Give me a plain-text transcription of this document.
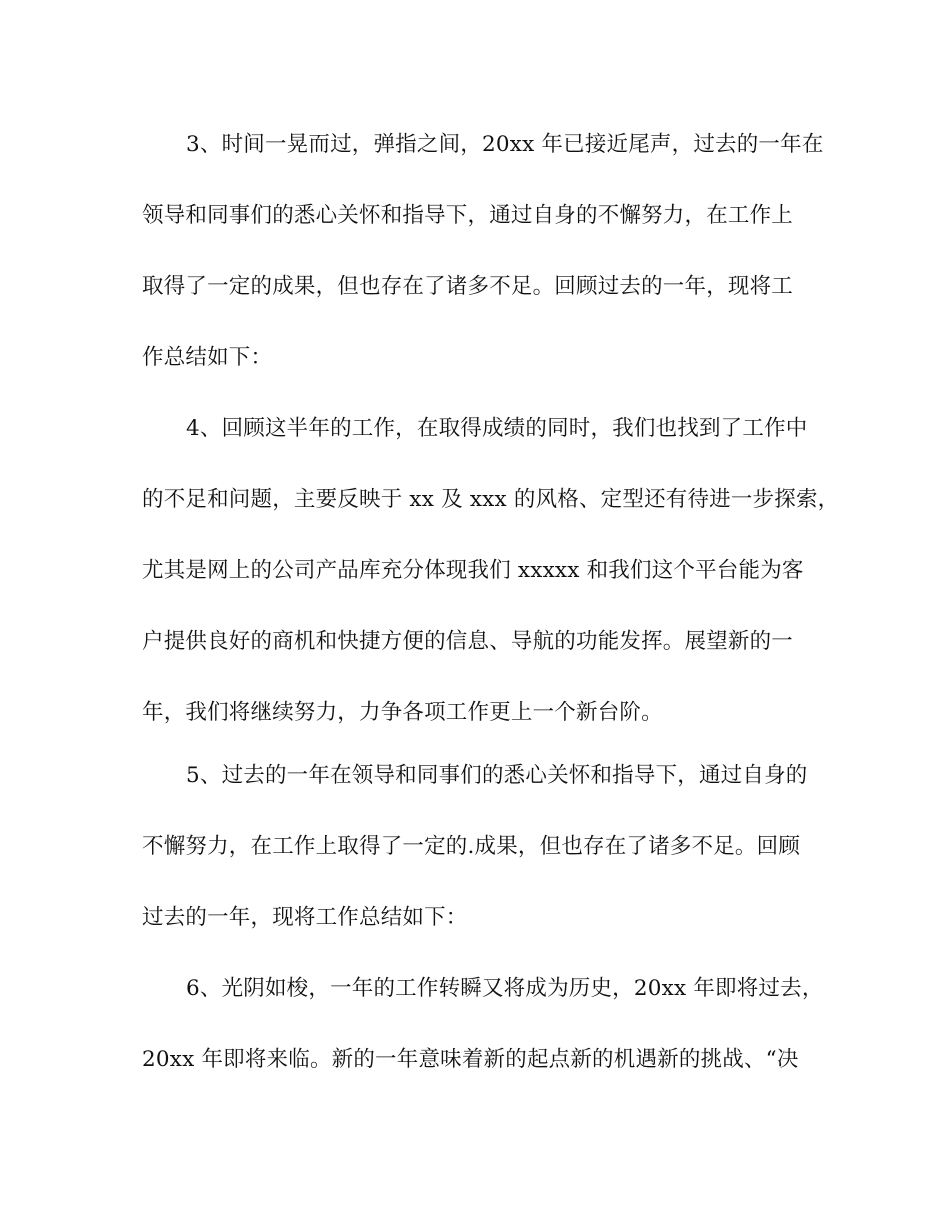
3、时间一晃而过，弹指之间，20xx 年已接近尾声，过去的一年在
领导和同事们的悉心关怀和指导下，通过自身的不懈努力，在工作上
取得了一定的成果，但也存在了诸多不足。回顾过去的一年，现将工
作总结如下：
4、回顾这半年的工作，在取得成绩的同时，我们也找到了工作中
的不足和问题，主要反映于 xx 及 xxx 的风格、定型还有待进一步探索，
尤其是网上的公司产品库充分体现我们 xxxxx 和我们这个平台能为客
户提供良好的商机和快捷方便的信息、导航的功能发挥。展望新的一
年，我们将继续努力，力争各项工作更上一个新台阶。
5、过去的一年在领导和同事们的悉心关怀和指导下，通过自身的
不懈努力，在工作上取得了一定的.成果，但也存在了诸多不足。回顾
过去的一年，现将工作总结如下：
6、光阴如梭，一年的工作转瞬又将成为历史，20xx 年即将过去，
20xx 年即将来临。新的一年意味着新的起点新的机遇新的挑战、“决
